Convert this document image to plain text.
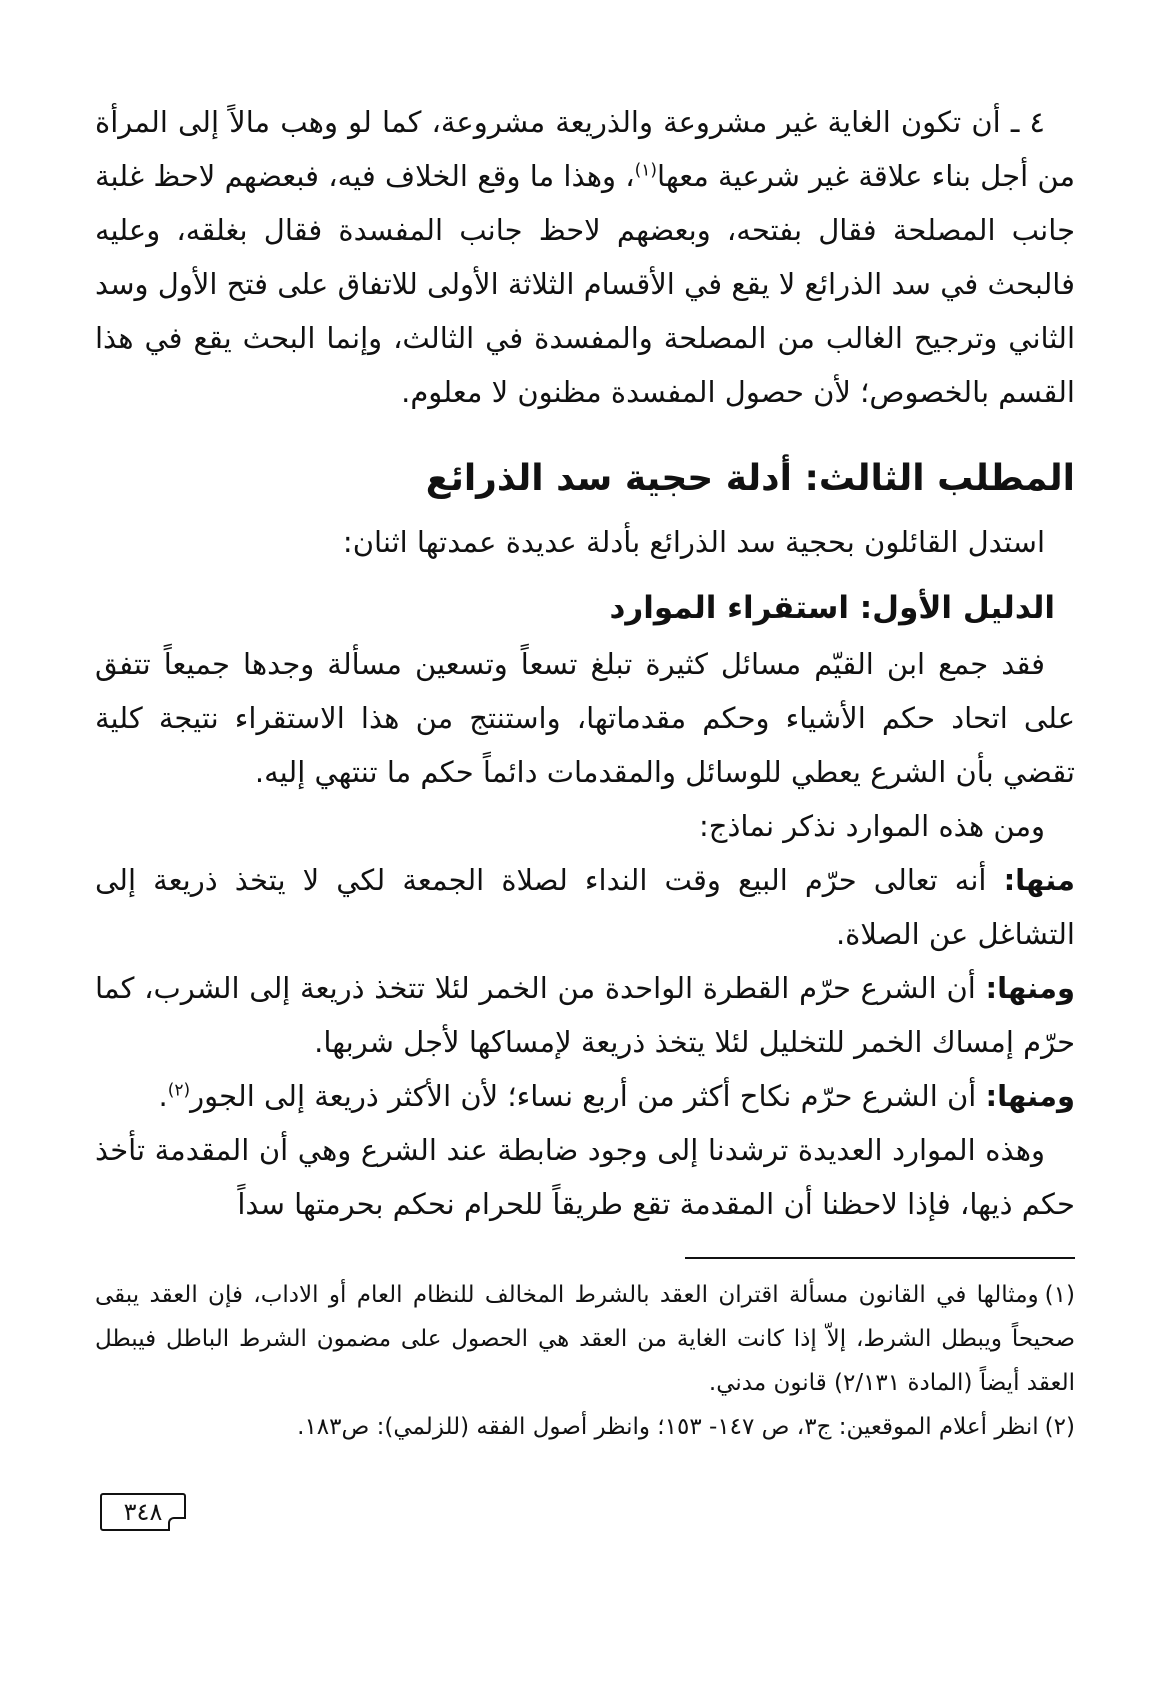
٤ ـ أن تكون الغاية غير مشروعة والذريعة مشروعة، كما لو وهب مالاً إلى المرأة من أجل بناء علاقة غير شرعية معها$^{(١)}$، وهذا ما وقع الخلاف فيه، فبعضهم لاحظ غلبة جانب المصلحة فقال بفتحه، وبعضهم لاحظ جانب المفسدة فقال بغلقه، وعليه فالبحث في سد الذرائع لا يقع في الأقسام الثلاثة الأولى للاتفاق على فتح الأول وسد الثاني وترجيح الغالب من المصلحة والمفسدة في الثالث، وإنما البحث يقع في هذا القسم بالخصوص؛ لأن حصول المفسدة مظنون لا معلوم.

المطلب الثالث: أدلة حجية سد الذرائع

استدل القائلون بحجية سد الذرائع بأدلة عديدة عمدتها اثنان:

الدليل الأول: استقراء الموارد

فقد جمع ابن القيّم مسائل كثيرة تبلغ تسعاً وتسعين مسألة وجدها جميعاً تتفق على اتحاد حكم الأشياء وحكم مقدماتها، واستنتج من هذا الاستقراء نتيجة كلية تقضي بأن الشرع يعطي للوسائل والمقدمات دائماً حكم ما تنتهي إليه.

ومن هذه الموارد نذكر نماذج:

منها: أنه تعالى حرّم البيع وقت النداء لصلاة الجمعة لكي لا يتخذ ذريعة إلى التشاغل عن الصلاة.

ومنها: أن الشرع حرّم القطرة الواحدة من الخمر لئلا تتخذ ذريعة إلى الشرب، كما حرّم إمساك الخمر للتخليل لئلا يتخذ ذريعة لإمساكها لأجل شربها.

ومنها: أن الشرع حرّم نكاح أكثر من أربع نساء؛ لأن الأكثر ذريعة إلى الجور$^{(٢)}$.

وهذه الموارد العديدة ترشدنا إلى وجود ضابطة عند الشرع وهي أن المقدمة تأخذ حكم ذيها، فإذا لاحظنا أن المقدمة تقع طريقاً للحرام نحكم بحرمتها سداً

(١)ومثالها في القانون مسألة اقتران العقد بالشرط المخالف للنظام العام أو الاداب، فإن العقد يبقى صحيحاً ويبطل الشرط، إلاّ إذا كانت الغاية من العقد هي الحصول على مضمون الشرط الباطل فيبطل العقد أيضاً (المادة ٢/١٣١) قانون مدني.

(٢)انظر أعلام الموقعين: ج٣، ص ١٤٧- ١٥٣؛ وانظر أصول الفقه (للزلمي): ص١٨٣.

٣٤٨
